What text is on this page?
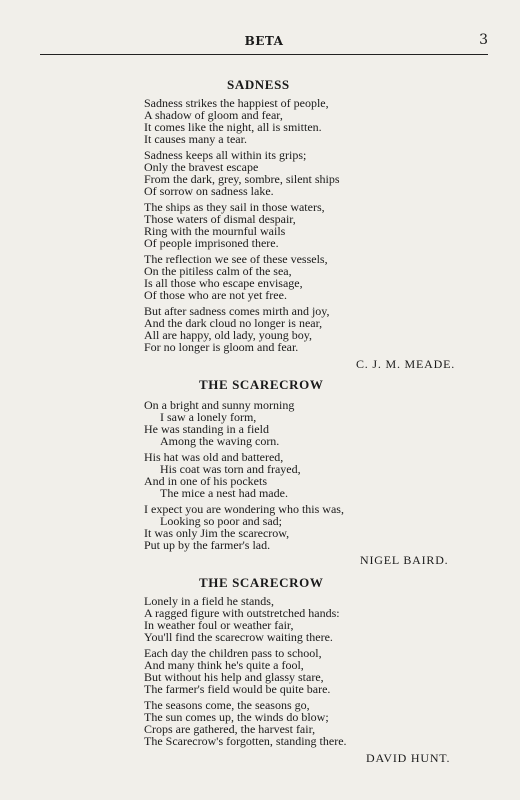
BETA	3
SADNESS
Sadness strikes the happiest of people,
A shadow of gloom and fear,
It comes like the night, all is smitten.
It causes many a tear.
Sadness keeps all within its grips;
Only the bravest escape
From the dark, grey, sombre, silent ships
Of sorrow on sadness lake.
The ships as they sail in those waters,
Those waters of dismal despair,
Ring with the mournful wails
Of people imprisoned there.
The reflection we see of these vessels,
On the pitiless calm of the sea,
Is all those who escape envisage,
Of those who are not yet free.
But after sadness comes mirth and joy,
And the dark cloud no longer is near,
All are happy, old lady, young boy,
For no longer is gloom and fear.
C. J. M. MEADE.
THE SCARECROW
On a bright and sunny morning
I saw a lonely form,
He was standing in a field
Among the waving corn.
His hat was old and battered,
His coat was torn and frayed,
And in one of his pockets
The mice a nest had made.
I expect you are wondering who this was,
Looking so poor and sad;
It was only Jim the scarecrow,
Put up by the farmer's lad.
NIGEL BAIRD.
THE SCARECROW
Lonely in a field he stands,
A ragged figure with outstretched hands:
In weather foul or weather fair,
You'll find the scarecrow waiting there.
Each day the children pass to school,
And many think he's quite a fool,
But without his help and glassy stare,
The farmer's field would be quite bare.
The seasons come, the seasons go,
The sun comes up, the winds do blow;
Crops are gathered, the harvest fair,
The Scarecrow's forgotten, standing there.
DAVID HUNT.
